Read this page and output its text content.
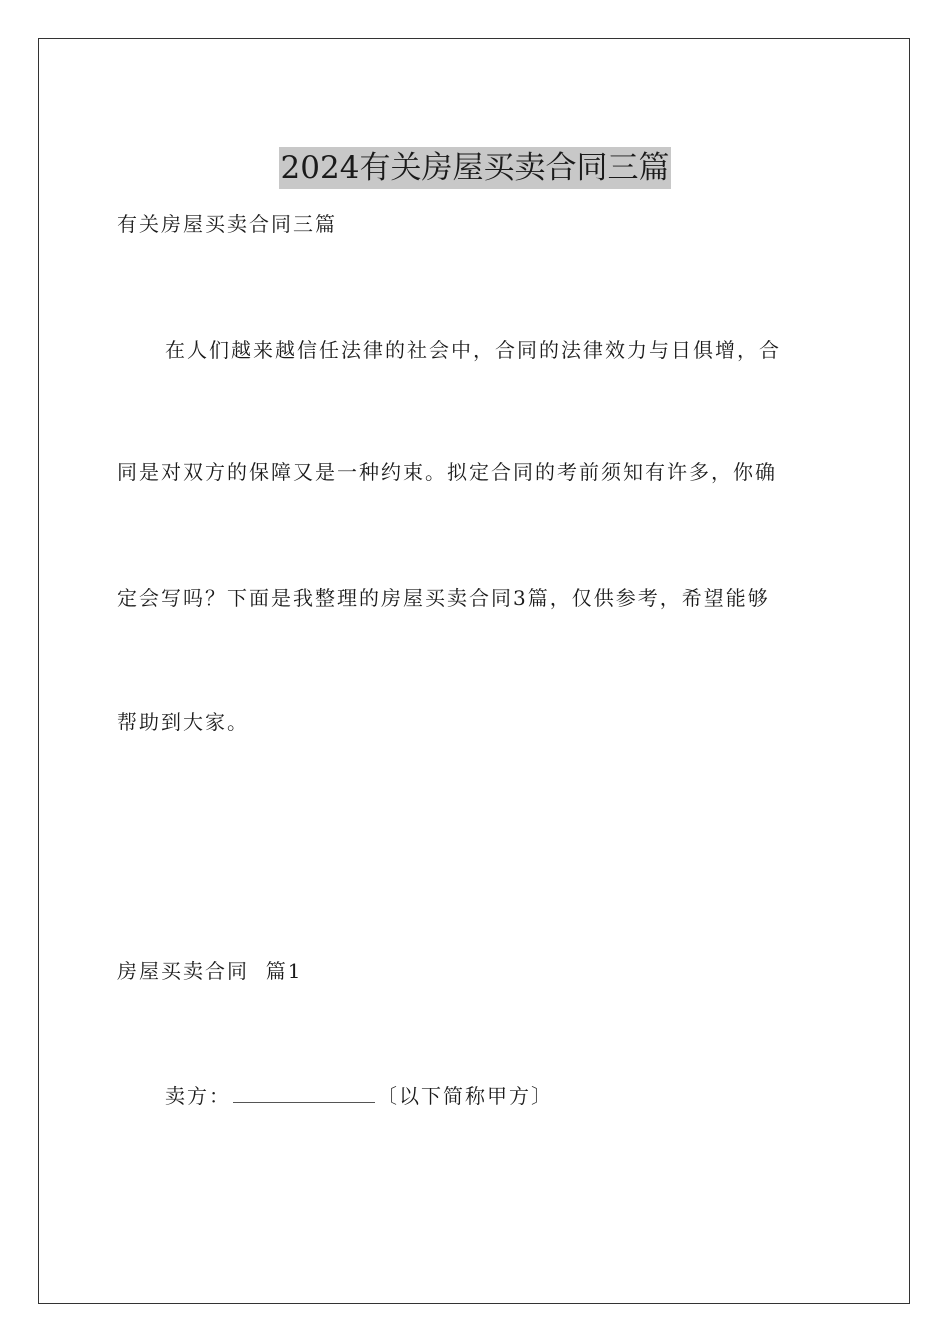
2024有关房屋买卖合同三篇
有关房屋买卖合同三篇
在人们越来越信任法律的社会中，合同的法律效力与日俱增，合
同是对双方的保障又是一种约束。拟定合同的考前须知有许多，你确
定会写吗？下面是我整理的房屋买卖合同3篇，仅供参考，希望能够
帮助到大家。
房屋买卖合同  篇1
卖方：	〔以下简称甲方〕
